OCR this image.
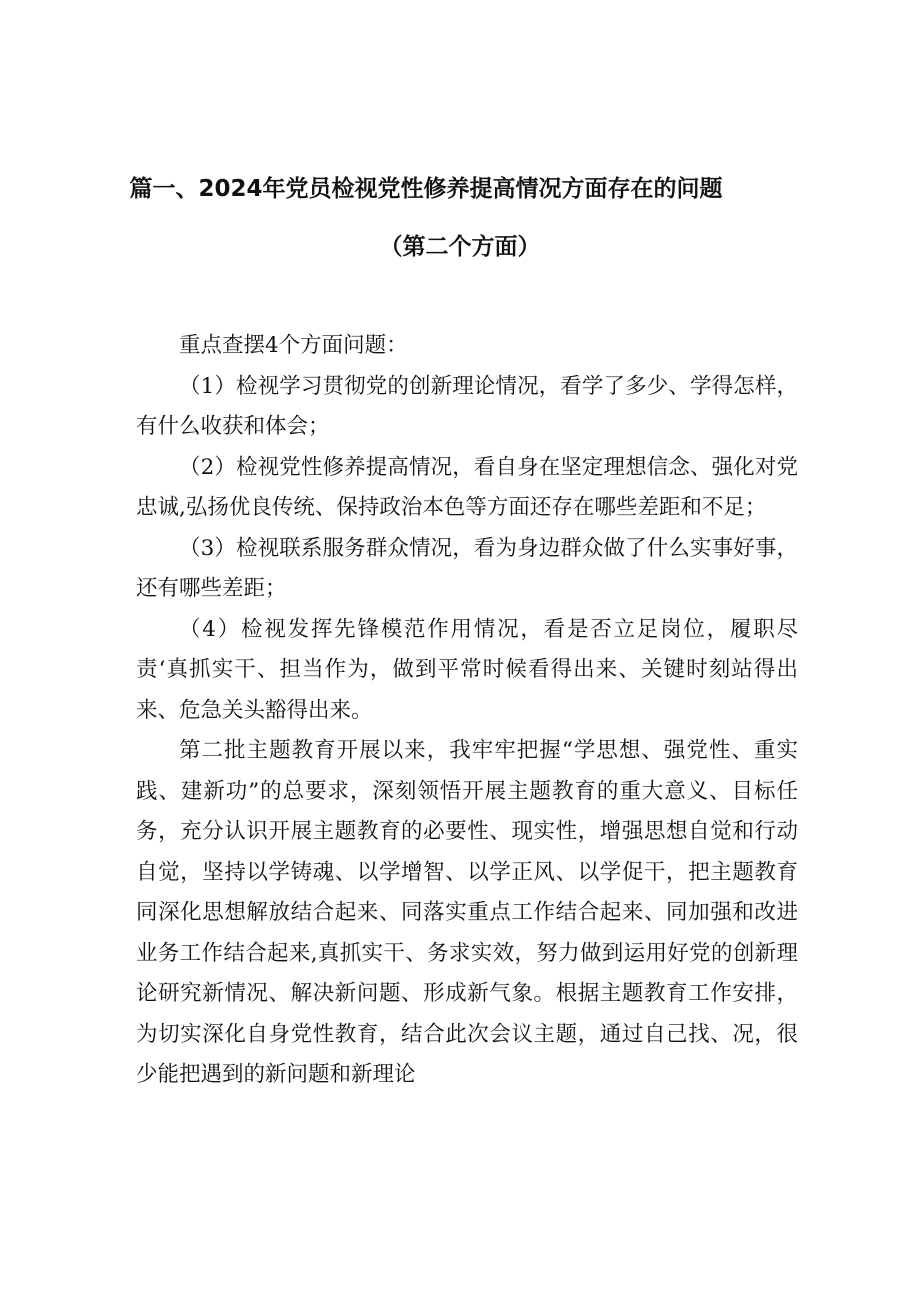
篇一、2024年党员检视党性修养提高情况方面存在的问题
（第二个方面）

重点查摆4个方面问题：

（1）检视学习贯彻党的创新理论情况，看学了多少、学得怎样，有什么收获和体会；

（2）检视党性修养提高情况，看自身在坚定理想信念、强化对党忠诚,弘扬优良传统、保持政治本色等方面还存在哪些差距和不足；

（3）检视联系服务群众情况，看为身边群众做了什么实事好事，还有哪些差距；

（4）检视发挥先锋模范作用情况，看是否立足岗位，履职尽责‘真抓实干、担当作为，做到平常时候看得出来、关键时刻站得出来、危急关头豁得出来。

第二批主题教育开展以来，我牢牢把握“学思想、强党性、重实践、建新功”的总要求，深刻领悟开展主题教育的重大意义、目标任务，充分认识开展主题教育的必要性、现实性，增强思想自觉和行动自觉，坚持以学铸魂、以学增智、以学正风、以学促干，把主题教育同深化思想解放结合起来、同落实重点工作结合起来、同加强和改进业务工作结合起来,真抓实干、务求实效，努力做到运用好党的创新理论研究新情况、解决新问题、形成新气象。根据主题教育工作安排，为切实深化自身党性教育，结合此次会议主题，通过自己找、况，很少能把遇到的新问题和新理论
